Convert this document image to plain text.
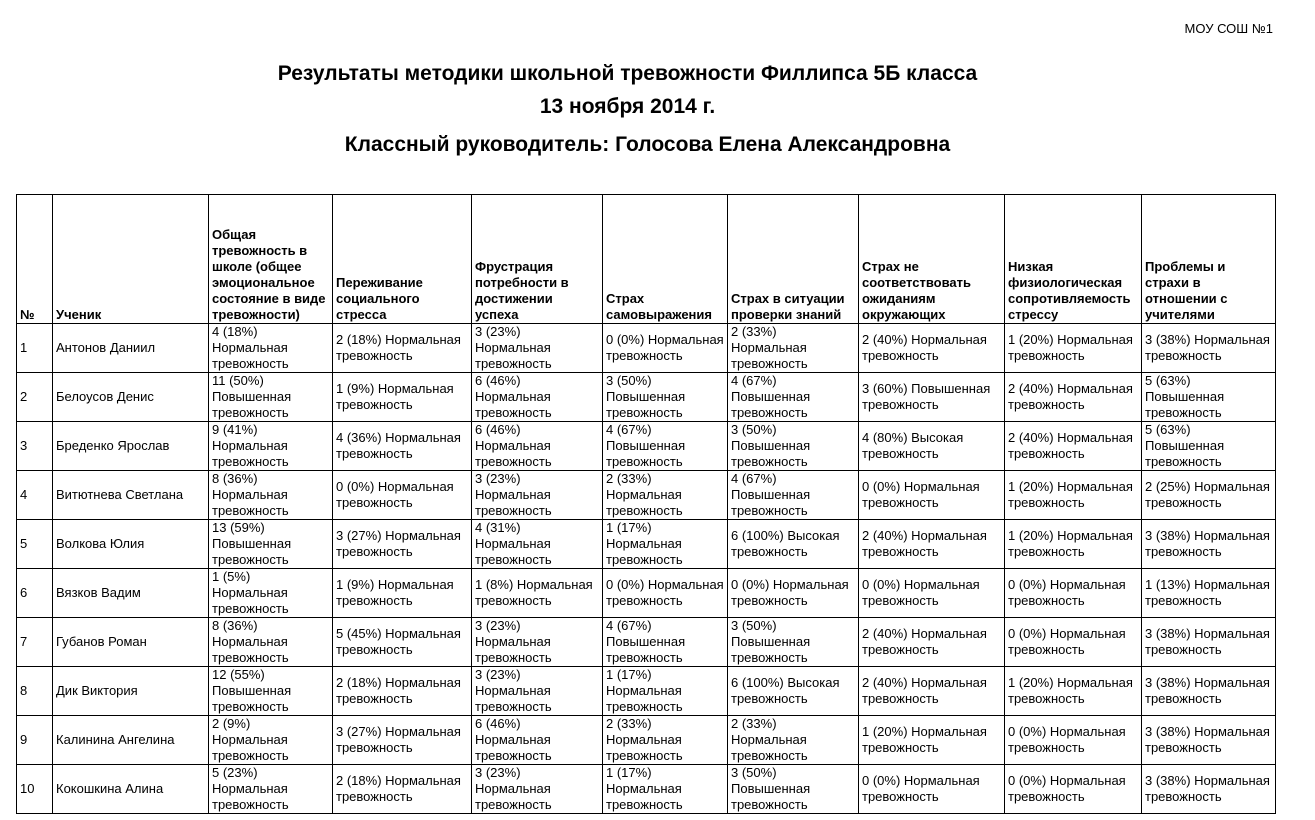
МОУ СОШ №1
Результаты методики школьной тревожности Филлипса 5Б класса
13 ноября 2014 г.
Классный руководитель: Голосова Елена Александровна
№	Ученик	Общая тревожность в школе (общее эмоциональное состояние в виде тревожности)	Переживание социального стресса	Фрустрация потребности в достижении успеха	Страх самовыражения	Страх в ситуации проверки знаний	Страх не соответствовать ожиданиям окружающих	Низкая физиологическая сопротивляемость стрессу	Проблемы и страхи в отношении с учителями
1	Антонов Даниил	4 (18%) Нормальная тревожность	2 (18%) Нормальная тревожность	3 (23%) Нормальная тревожность	0 (0%) Нормальная тревожность	2 (33%) Нормальная тревожность	2 (40%) Нормальная тревожность	1 (20%) Нормальная тревожность	3 (38%) Нормальная тревожность
2	Белоусов Денис	11 (50%) Повышенная тревожность	1 (9%) Нормальная тревожность	6 (46%) Нормальная тревожность	3 (50%) Повышенная тревожность	4 (67%) Повышенная тревожность	3 (60%) Повышенная тревожность	2 (40%) Нормальная тревожность	5 (63%) Повышенная тревожность
3	Бреденко Ярослав	9 (41%) Нормальная тревожность	4 (36%) Нормальная тревожность	6 (46%) Нормальная тревожность	4 (67%) Повышенная тревожность	3 (50%) Повышенная тревожность	4 (80%) Высокая тревожность	2 (40%) Нормальная тревожность	5 (63%) Повышенная тревожность
4	Витютнева Светлана	8 (36%) Нормальная тревожность	0 (0%) Нормальная тревожность	3 (23%) Нормальная тревожность	2 (33%) Нормальная тревожность	4 (67%) Повышенная тревожность	0 (0%) Нормальная тревожность	1 (20%) Нормальная тревожность	2 (25%) Нормальная тревожность
5	Волкова Юлия	13 (59%) Повышенная тревожность	3 (27%) Нормальная тревожность	4 (31%) Нормальная тревожность	1 (17%) Нормальная тревожность	6 (100%) Высокая тревожность	2 (40%) Нормальная тревожность	1 (20%) Нормальная тревожность	3 (38%) Нормальная тревожность
6	Вязков Вадим	1 (5%) Нормальная тревожность	1 (9%) Нормальная тревожность	1 (8%) Нормальная тревожность	0 (0%) Нормальная тревожность	0 (0%) Нормальная тревожность	0 (0%) Нормальная тревожность	0 (0%) Нормальная тревожность	1 (13%) Нормальная тревожность
7	Губанов Роман	8 (36%) Нормальная тревожность	5 (45%) Нормальная тревожность	3 (23%) Нормальная тревожность	4 (67%) Повышенная тревожность	3 (50%) Повышенная тревожность	2 (40%) Нормальная тревожность	0 (0%) Нормальная тревожность	3 (38%) Нормальная тревожность
8	Дик Виктория	12 (55%) Повышенная тревожность	2 (18%) Нормальная тревожность	3 (23%) Нормальная тревожность	1 (17%) Нормальная тревожность	6 (100%) Высокая тревожность	2 (40%) Нормальная тревожность	1 (20%) Нормальная тревожность	3 (38%) Нормальная тревожность
9	Калинина Ангелина	2 (9%) Нормальная тревожность	3 (27%) Нормальная тревожность	6 (46%) Нормальная тревожность	2 (33%) Нормальная тревожность	2 (33%) Нормальная тревожность	1 (20%) Нормальная тревожность	0 (0%) Нормальная тревожность	3 (38%) Нормальная тревожность
10	Кокошкина Алина	5 (23%) Нормальная тревожность	2 (18%) Нормальная тревожность	3 (23%) Нормальная тревожность	1 (17%) Нормальная тревожность	3 (50%) Повышенная тревожность	0 (0%) Нормальная тревожность	0 (0%) Нормальная тревожность	3 (38%) Нормальная тревожность
